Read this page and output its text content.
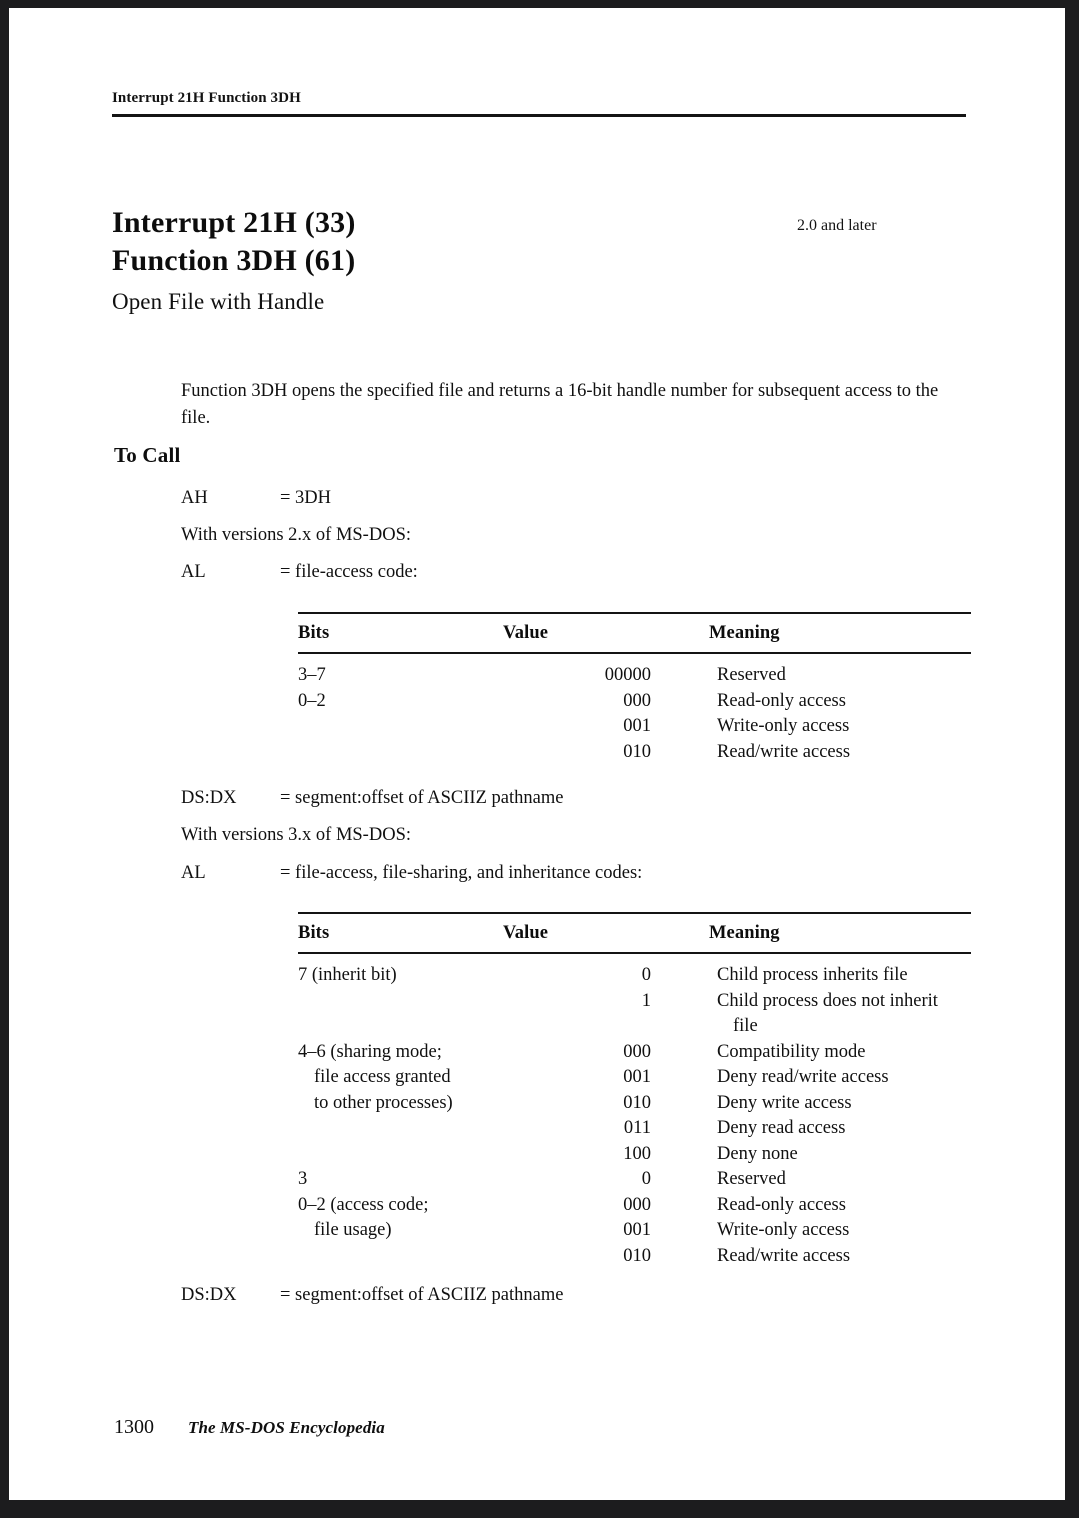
Interrupt 21H Function 3DH
Interrupt 21H (33)
Function 3DH (61)
Open File with Handle
2.0 and later
Function 3DH opens the specified file and returns a 16-bit handle number for subsequent access to the file.
To Call
AH	= 3DH
With versions 2.x of MS-DOS:
AL	= file-access code:
Bits	Value	Meaning
3–7	00000	Reserved
0–2	000	Read-only access
001	Write-only access
010	Read/write access
DS:DX = segment:offset of ASCIIZ pathname
With versions 3.x of MS-DOS:
AL	= file-access, file-sharing, and inheritance codes:
Bits	Value	Meaning
7 (inherit bit)	0	Child process inherits file
1	Child process does not inherit
file
4–6 (sharing mode;	000	Compatibility mode
file access granted	001	Deny read/write access
to other processes)	010	Deny write access
011	Deny read access
100	Deny none
3	0	Reserved
0–2 (access code;	000	Read-only access
file usage)	001	Write-only access
010	Read/write access
DS:DX = segment:offset of ASCIIZ pathname
1300	The MS-DOS Encyclopedia
